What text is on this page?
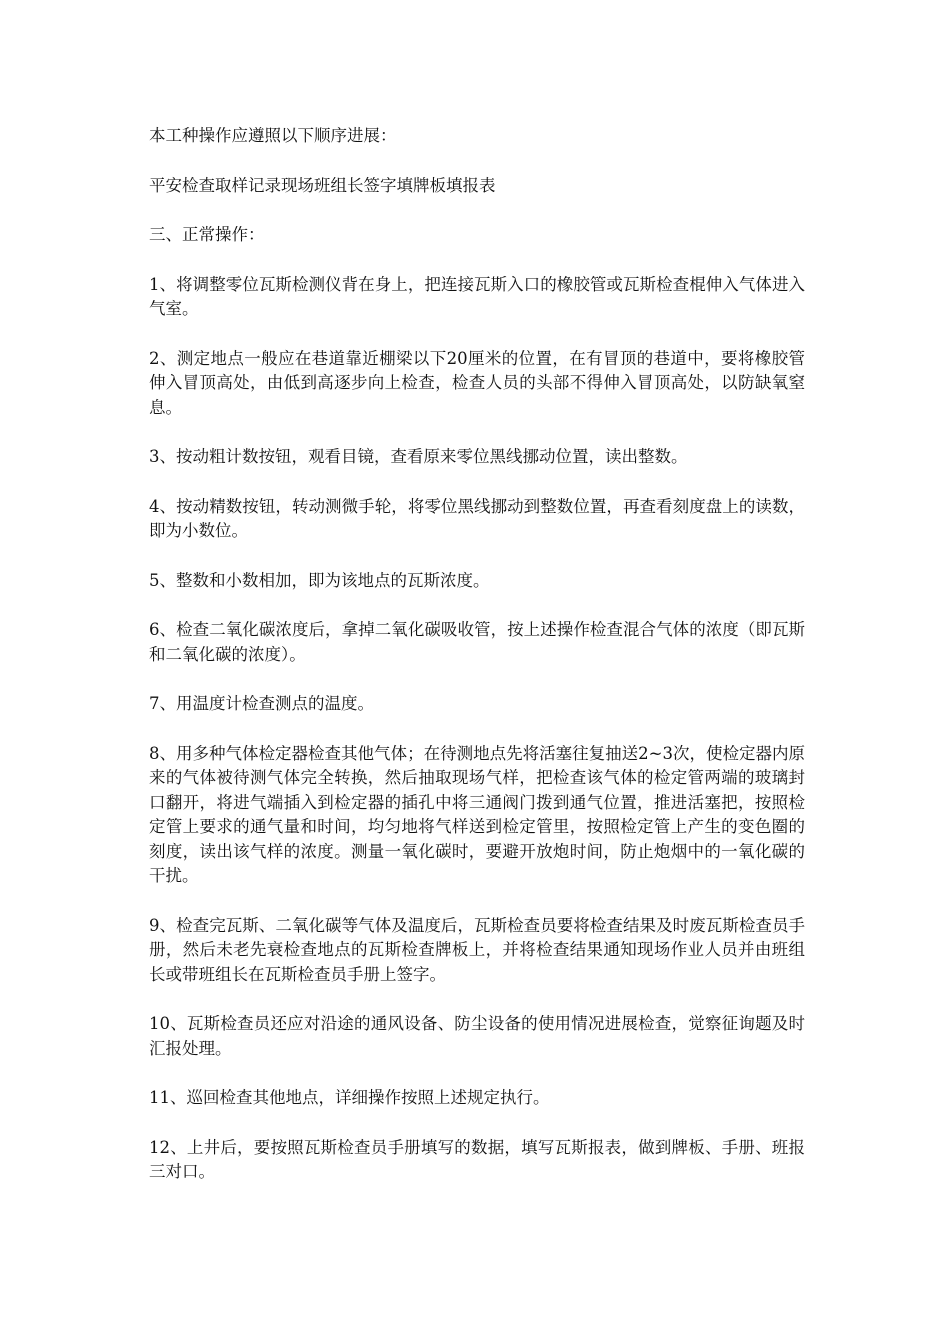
本工种操作应遵照以下顺序进展：

平安检查取样记录现场班组长签字填牌板填报表

三、正常操作：

1、将调整零位瓦斯检测仪背在身上，把连接瓦斯入口的橡胶管或瓦斯检查棍伸入气体进入气室。

2、测定地点一般应在巷道靠近棚梁以下20厘米的位置，在有冒顶的巷道中，要将橡胶管伸入冒顶高处，由低到高逐步向上检查，检查人员的头部不得伸入冒顶高处，以防缺氧窒息。

3、按动粗计数按钮，观看目镜，查看原来零位黑线挪动位置，读出整数。

4、按动精数按钮，转动测微手轮，将零位黑线挪动到整数位置，再查看刻度盘上的读数，即为小数位。

5、整数和小数相加，即为该地点的瓦斯浓度。

6、检查二氧化碳浓度后，拿掉二氧化碳吸收管，按上述操作检查混合气体的浓度（即瓦斯和二氧化碳的浓度）。

7、用温度计检查测点的温度。

8、用多种气体检定器检查其他气体；在待测地点先将活塞往复抽送2~3次，使检定器内原来的气体被待测气体完全转换，然后抽取现场气样，把检查该气体的检定管两端的玻璃封口翻开，将进气端插入到检定器的插孔中将三通阀门拨到通气位置，推进活塞把，按照检定管上要求的通气量和时间，均匀地将气样送到检定管里，按照检定管上产生的变色圈的刻度，读出该气样的浓度。测量一氧化碳时，要避开放炮时间，防止炮烟中的一氧化碳的干扰。

9、检查完瓦斯、二氧化碳等气体及温度后，瓦斯检查员要将检查结果及时废瓦斯检查员手册，然后未老先衰检查地点的瓦斯检查牌板上，并将检查结果通知现场作业人员并由班组长或带班组长在瓦斯检查员手册上签字。

10、瓦斯检查员还应对沿途的通风设备、防尘设备的使用情况进展检查，觉察征询题及时汇报处理。

11、巡回检查其他地点，详细操作按照上述规定执行。

12、上井后，要按照瓦斯检查员手册填写的数据，填写瓦斯报表，做到牌板、手册、班报三对口。
